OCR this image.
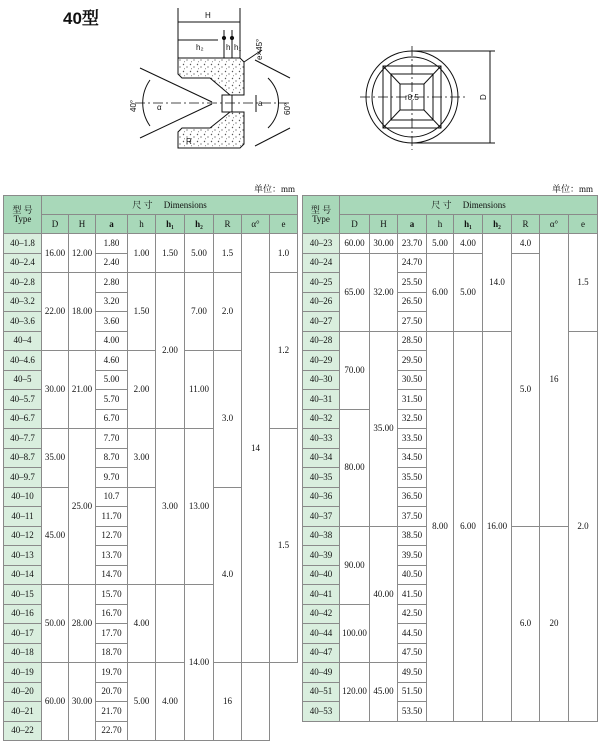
40型	H
h₂	h h₁ e×45°
a
40° α	60°
R
r0.5	D
单位：mm	单位：mm
型 号
Type	尺 寸 Dimensions								
	D	H	a	h	h₁	h₂	R	α°	e
40–1.8	16.00	12.00	1.80	1.00	1.50	5.00	1.5	14	1.0
40–2.4			2.40						
40–2.8	22.00	18.00	2.80	1.50	2.00	7.00	2.0		1.2
40–3.2			3.20						
40–3.6			3.60						
40–4			4.00						
40–4.6	30.00	21.00	4.60	2.00		11.00	3.0		
40–5			5.00						
40–5.7			5.70						
40–6.7			6.70						
40–7.7	35.00	25.00	7.70	3.00	3.00	13.00			1.5
40–8.7			8.70						
40–9.7			9.70						
40–10	45.00		10.7				4.0		
40–11			11.70						
40–12			12.70						
40–13			13.70						
40–14			14.70						
40–15	50.00	28.00	15.70	4.00		14.00			
40–16			16.70						
40–17			17.70						
40–18			18.70						
40–19	60.00	30.00	19.70	5.00	4.00		16		
40–20			20.70						
40–21			21.70						
40–22			22.70						
型 号
Type	尺 寸 Dimensions								
	D	H	a	h	h₁	h₂	R	α°	e
40–23	60.00	30.00	23.70	5.00	4.00	14.0	4.0	16	1.5
40–24	65.00	32.00	24.70	6.00	5.00		5.0		
40–25			25.50						
40–26			26.50						
40–27			27.50						
40–28	70.00	35.00	28.50	8.00	6.00	16.00			2.0
40–29			29.50						
40–30			30.50						
40–31			31.50						
40–32	80.00		32.50						
40–33			33.50						
40–34			34.50						
40–35			35.50						
40–36			36.50						
40–37			37.50						
40–38	90.00	40.00	38.50				6.0	20	
40–39			39.50						
40–40			40.50						
40–41			41.50						
40–42	100.00		42.50						
40–44			44.50						
40–47			47.50						
40–49	120.00	45.00	49.50						
40–51			51.50						
40–53			53.50						
